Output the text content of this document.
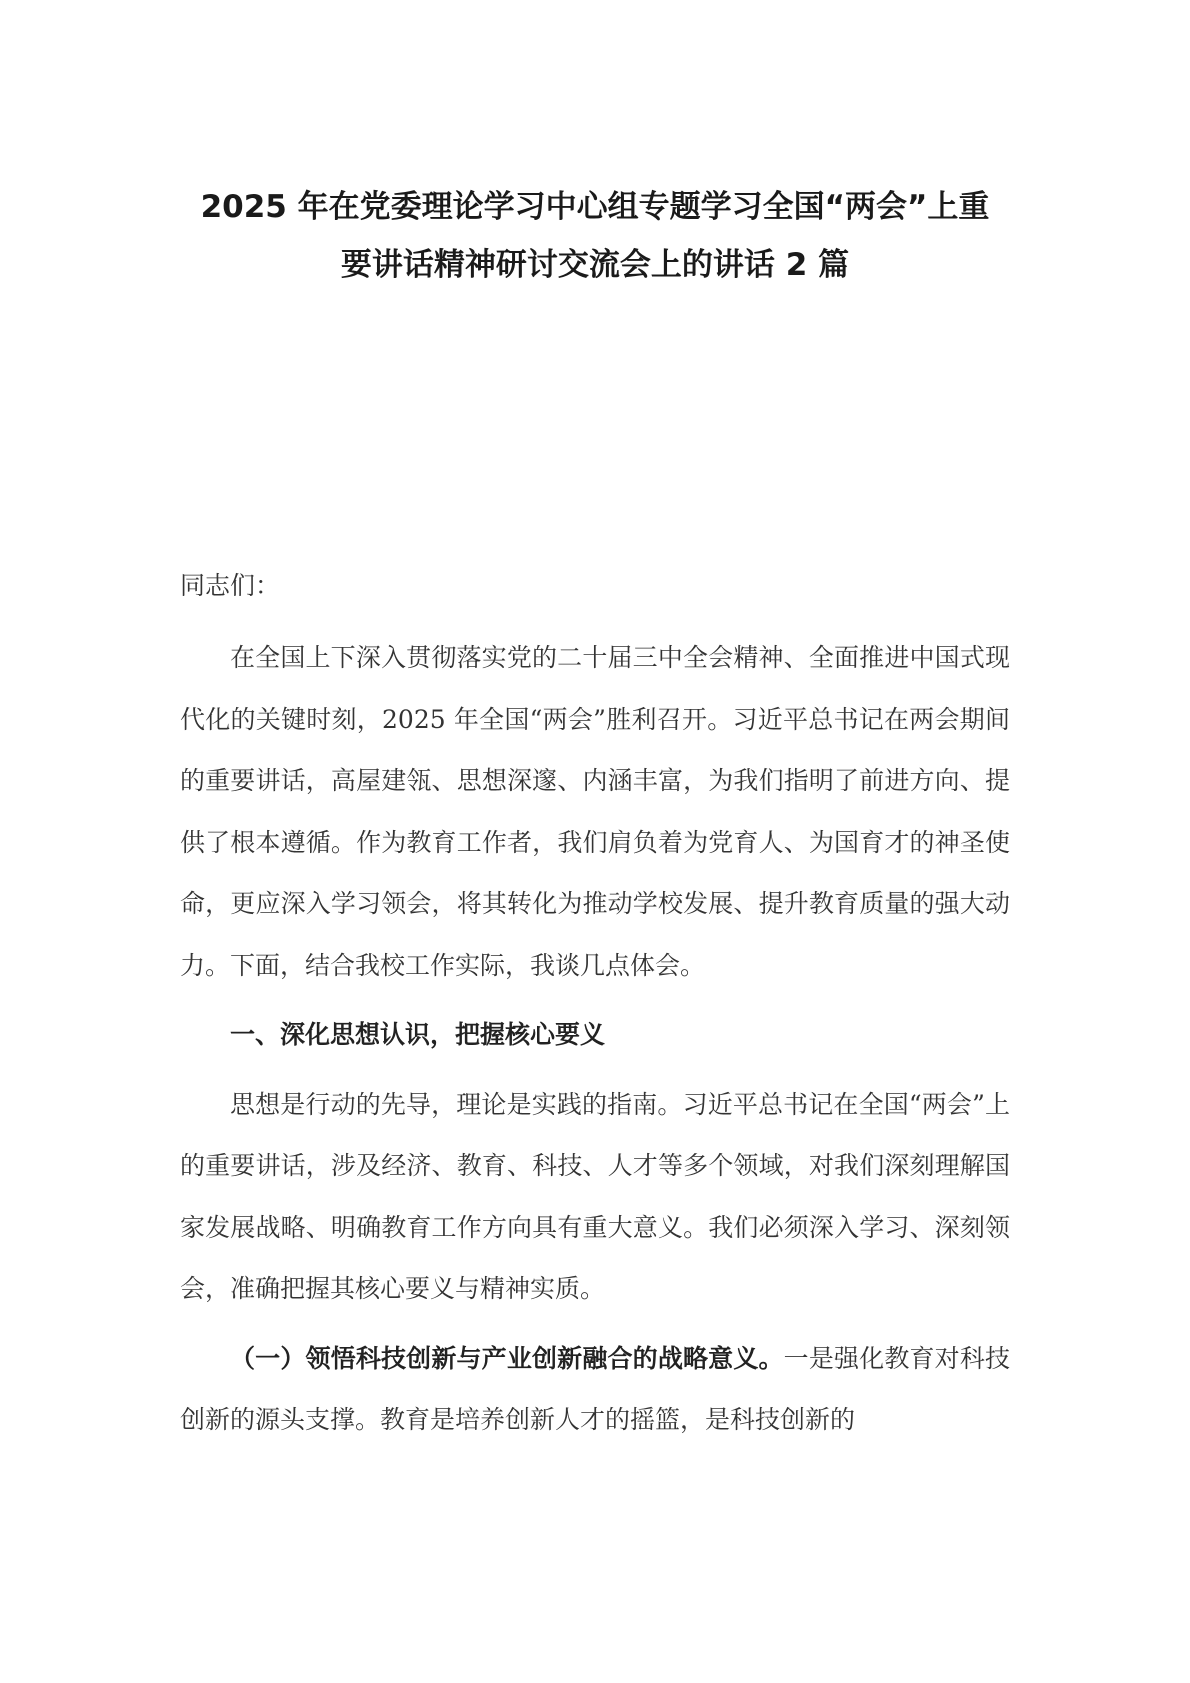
2025 年在党委理论学习中心组专题学习全国“两会”上重
要讲话精神研讨交流会上的讲话 2 篇

同志们：

在全国上下深入贯彻落实党的二十届三中全会精神、全面推进中国式现代化的关键时刻，2025 年全国“两会”胜利召开。习近平总书记在两会期间的重要讲话，高屋建瓴、思想深邃、内涵丰富，为我们指明了前进方向、提供了根本遵循。作为教育工作者，我们肩负着为党育人、为国育才的神圣使命，更应深入学习领会，将其转化为推动学校发展、提升教育质量的强大动力。下面，结合我校工作实际，我谈几点体会。

一、深化思想认识，把握核心要义

思想是行动的先导，理论是实践的指南。习近平总书记在全国“两会”上的重要讲话，涉及经济、教育、科技、人才等多个领域，对我们深刻理解国家发展战略、明确教育工作方向具有重大意义。我们必须深入学习、深刻领会，准确把握其核心要义与精神实质。

（一）领悟科技创新与产业创新融合的战略意义。一是强化教育对科技创新的源头支撑。教育是培养创新人才的摇篮，是科技创新的
